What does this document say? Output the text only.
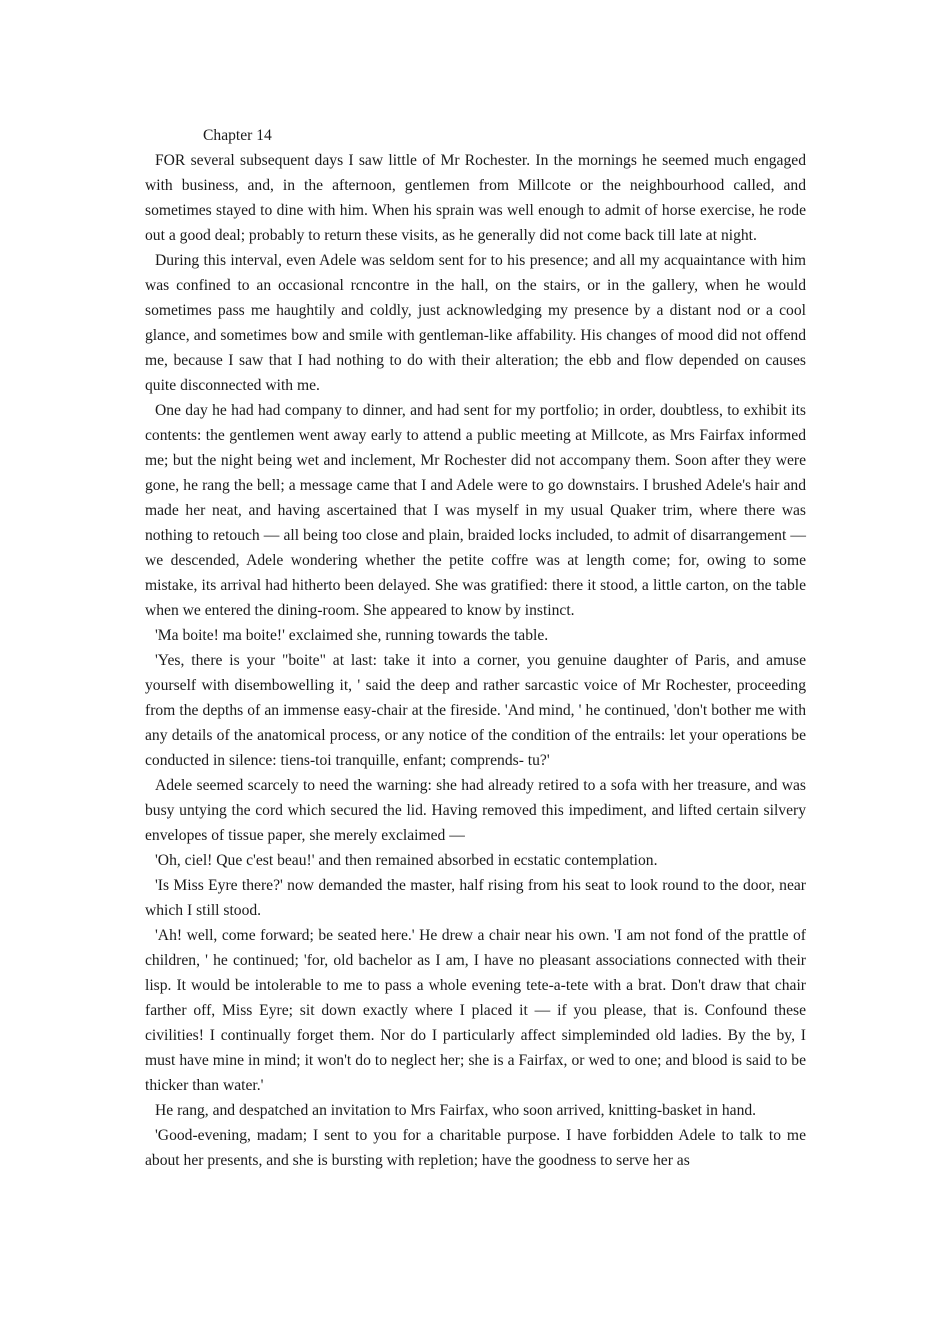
Chapter 14

FOR several subsequent days I saw little of Mr Rochester. In the mornings he seemed much engaged with business, and, in the afternoon, gentlemen from Millcote or the neighbourhood called, and sometimes stayed to dine with him. When his sprain was well enough to admit of horse exercise, he rode out a good deal; probably to return these visits, as he generally did not come back till late at night.

During this interval, even Adele was seldom sent for to his presence; and all my acquaintance with him was confined to an occasional rcncontre in the hall, on the stairs, or in the gallery, when he would sometimes pass me haughtily and coldly, just acknowledging my presence by a distant nod or a cool glance, and sometimes bow and smile with gentleman-like affability. His changes of mood did not offend me, because I saw that I had nothing to do with their alteration; the ebb and flow depended on causes quite disconnected with me.

One day he had had company to dinner, and had sent for my portfolio; in order, doubtless, to exhibit its contents: the gentlemen went away early to attend a public meeting at Millcote, as Mrs Fairfax informed me; but the night being wet and inclement, Mr Rochester did not accompany them. Soon after they were gone, he rang the bell; a message came that I and Adele were to go downstairs. I brushed Adele's hair and made her neat, and having ascertained that I was myself in my usual Quaker trim, where there was nothing to retouch — all being too close and plain, braided locks included, to admit of disarrangement — we descended, Adele wondering whether the petite coffre was at length come; for, owing to some mistake, its arrival had hitherto been delayed. She was gratified: there it stood, a little carton, on the table when we entered the dining-room. She appeared to know by instinct.

'Ma boite! ma boite!' exclaimed she, running towards the table.

'Yes, there is your "boite" at last: take it into a corner, you genuine daughter of Paris, and amuse yourself with disembowelling it, ' said the deep and rather sarcastic voice of Mr Rochester, proceeding from the depths of an immense easy-chair at the fireside. 'And mind, ' he continued, 'don't bother me with any details of the anatomical process, or any notice of the condition of the entrails: let your operations be conducted in silence: tiens-toi tranquille, enfant; comprends- tu?'

Adele seemed scarcely to need the warning: she had already retired to a sofa with her treasure, and was busy untying the cord which secured the lid. Having removed this impediment, and lifted certain silvery envelopes of tissue paper, she merely exclaimed —

'Oh, ciel! Que c'est beau!' and then remained absorbed in ecstatic contemplation.

'Is Miss Eyre there?' now demanded the master, half rising from his seat to look round to the door, near which I still stood.

'Ah! well, come forward; be seated here.' He drew a chair near his own. 'I am not fond of the prattle of children, ' he continued; 'for, old bachelor as I am, I have no pleasant associations connected with their lisp. It would be intolerable to me to pass a whole evening tete-a-tete with a brat. Don't draw that chair farther off, Miss Eyre; sit down exactly where I placed it — if you please, that is. Confound these civilities! I continually forget them. Nor do I particularly affect simpleminded old ladies. By the by, I must have mine in mind; it won't do to neglect her; she is a Fairfax, or wed to one; and blood is said to be thicker than water.'

He rang, and despatched an invitation to Mrs Fairfax, who soon arrived, knitting-basket in hand.

'Good-evening, madam; I sent to you for a charitable purpose. I have forbidden Adele to talk to me about her presents, and she is bursting with repletion; have the goodness to serve her as
